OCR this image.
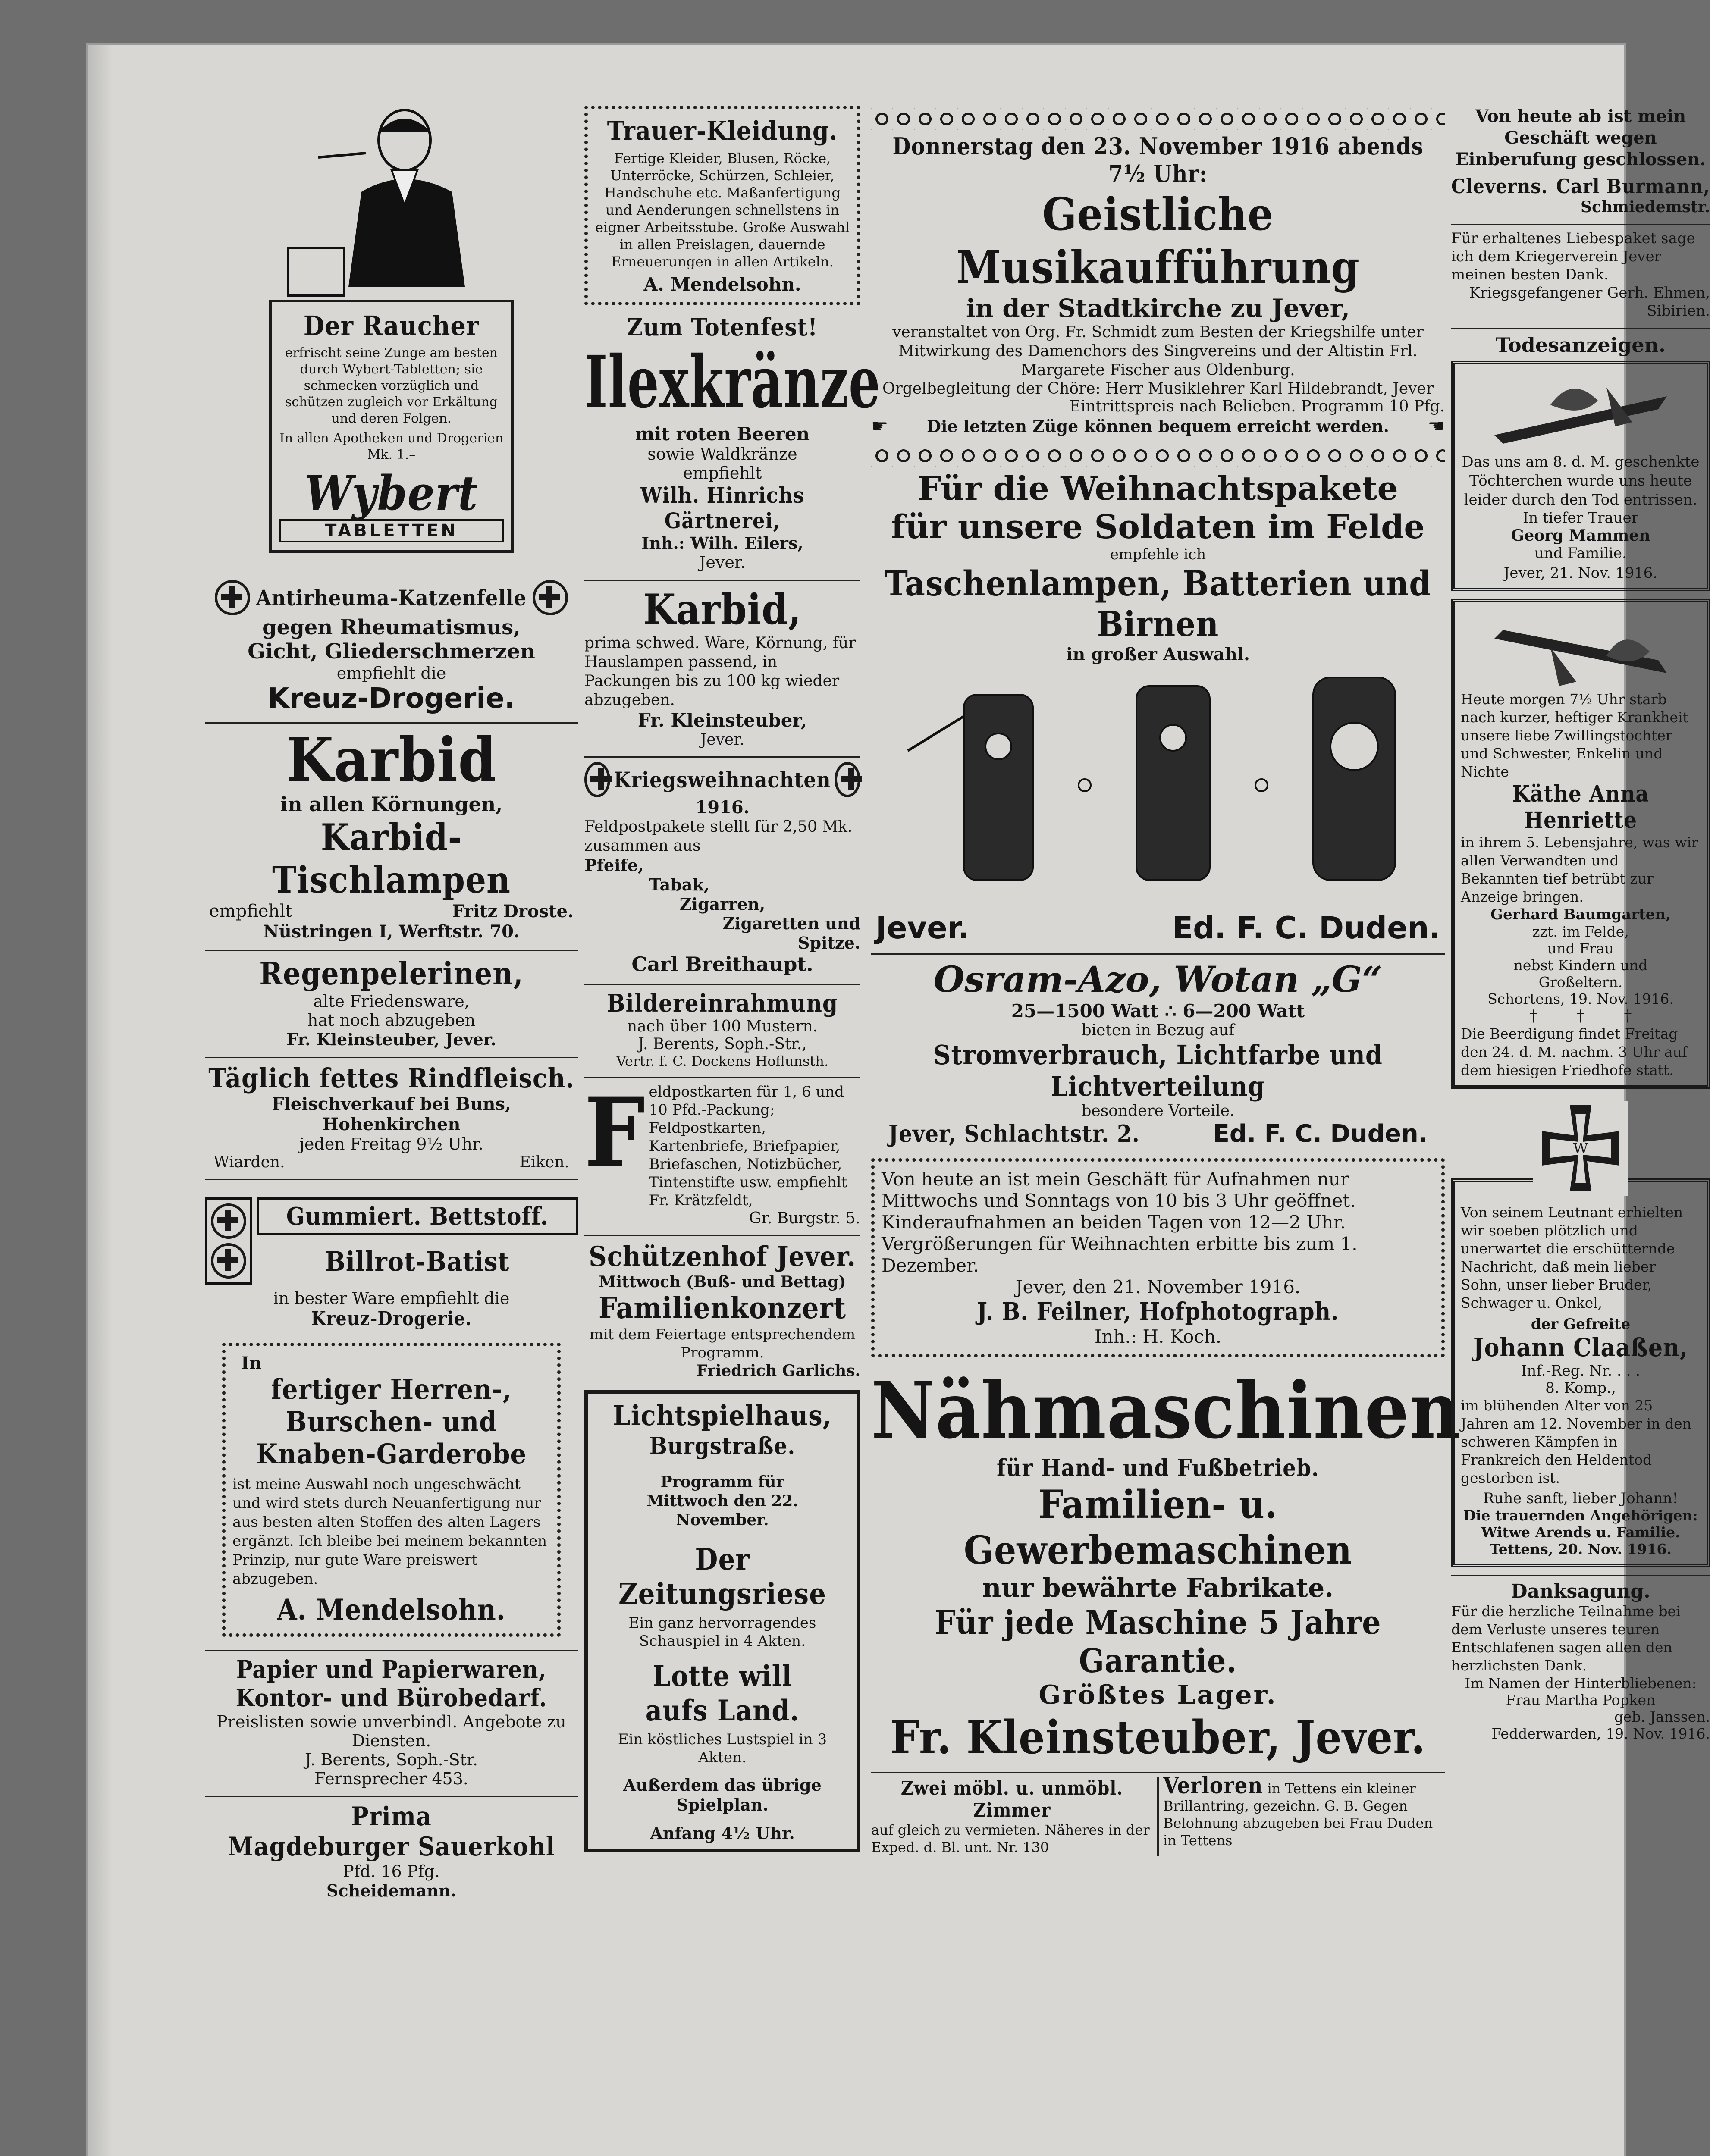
Der Raucher
erfrischt seine Zunge am besten durch Wybert-Tabletten; sie schmecken vorzüglich und schützen zugleich vor Erkältung und deren Folgen.
In allen Apotheken und Drogerien Mk. 1.–
Wybert
TABLETTEN
Antirheuma-Katzenfelle
gegen Rheumatismus,
Gicht, Gliederschmerzen
empfiehlt die
Kreuz-Drogerie.
Karbid
in allen Körnungen,
Karbid-Tischlampen
empfiehlt	Fritz Droste.
Nüstringen I, Werftstr. 70.
Regenpelerinen,
alte Friedensware,
hat noch abzugeben
Fr. Kleinsteuber, Jever.
Täglich fettes Rindfleisch.
Fleischverkauf bei Buns,
Hohenkirchen
jeden Freitag 9½ Uhr.
Wiarden.	Eiken.
Gummiert. Bettstoff.
Billrot-Batist
in bester Ware empfiehlt die
Kreuz-Drogerie.
In
fertiger Herren-,
Burschen- und
Knaben-Garderobe
ist meine Auswahl noch ungeschwächt und wird stets durch Neuanfertigung nur aus besten alten Stoffen des alten Lagers ergänzt. Ich bleibe bei meinem bekannten Prinzip, nur gute Ware preiswert abzugeben.
A. Mendelsohn.
Papier und Papierwaren,
Kontor- und Bürobedarf.
Preislisten sowie unverbindl. Angebote zu Diensten.
J. Berents, Soph.-Str.
Fernsprecher 453.
Prima
Magdeburger Sauerkohl
Pfd. 16 Pfg.
Scheidemann.
Trauer-Kleidung.
Fertige Kleider, Blusen, Röcke, Unterröcke, Schürzen, Schleier, Handschuhe etc. Maßanfertigung und Aenderungen schnellstens in eigner Arbeitsstube. Große Auswahl in allen Preislagen, dauernde Erneuerungen in allen Artikeln.
A. Mendelsohn.
Zum Totenfest!
Ilexkränze
mit roten Beeren
sowie Waldkränze
empfiehlt
Wilh. Hinrichs Gärtnerei,
Inh.: Wilh. Eilers,
Jever.
Karbid,
prima schwed. Ware, Körnung, für Hauslampen passend, in Packungen bis zu 100 kg wieder abzugeben.
Fr. Kleinsteuber,
Jever.
Kriegsweihnachten
1916.
Feldpostpakete stellt für 2,50 Mk. zusammen aus
Pfeife,
Tabak,
Zigarren,
Zigaretten und
Spitze.
Carl Breithaupt.
Bildereinrahmung
nach über 100 Mustern.
J. Berents, Soph.-Str.,
Vertr. f. C. Dockens Hoflunsth.
F eldpostkarten für 1, 6 und 10 Pfd.-Packung; Feldpostkarten, Kartenbriefe, Briefpapier, Briefaschen, Notizbücher, Tintenstifte usw. empfiehlt Fr. Krätzfeldt,
Gr. Burgstr. 5.
Schützenhof Jever.
Mittwoch (Buß- und Bettag)
Familienkonzert
mit dem Feiertage entsprechendem Programm.
Friedrich Garlichs.
Lichtspielhaus,
Burgstraße.
Programm für Mittwoch den 22. November.
Der
Zeitungsriese
Ein ganz hervorragendes Schauspiel in 4 Akten.
Lotte will aufs Land.
Ein köstliches Lustspiel in 3 Akten.
Außerdem das übrige Spielplan.
Anfang 4½ Uhr.
Donnerstag den 23. November 1916 abends 7½ Uhr:
Geistliche Musikaufführung
in der Stadtkirche zu Jever,
veranstaltet von Org. Fr. Schmidt zum Besten der Kriegshilfe unter Mitwirkung des Damenchors des Singvereins und der Altistin Frl. Margarete Fischer aus Oldenburg.
Orgelbegleitung der Chöre: Herr Musiklehrer Karl Hildebrandt, Jever
Eintrittspreis nach Belieben. Programm 10 Pfg.
☛ Die letzten Züge können bequem erreicht werden. ☚
Für die Weihnachtspakete
für unsere Soldaten im Felde
empfehle ich
Taschenlampen, Batterien und Birnen
in großer Auswahl.
Jever.	Ed. F. C. Duden.
Osram-Azo, Wotan „G“
25—1500 Watt ∴ 6—200 Watt
bieten in Bezug auf
Stromverbrauch, Lichtfarbe und Lichtverteilung
besondere Vorteile.
Jever, Schlachtstr. 2.	Ed. F. C. Duden.
Von heute an ist mein Geschäft für Aufnahmen nur Mittwochs und Sonntags von 10 bis 3 Uhr geöffnet. Kinderaufnahmen an beiden Tagen von 12—2 Uhr.
Vergrößerungen für Weihnachten erbitte bis zum 1. Dezember.
Jever, den 21. November 1916.
J. B. Feilner, Hofphotograph.
Inh.: H. Koch.
Nähmaschinen
für Hand- und Fußbetrieb.
Familien- u. Gewerbemaschinen
nur bewährte Fabrikate.
Für jede Maschine 5 Jahre Garantie.
Größtes Lager.
Fr. Kleinsteuber, Jever.
Zwei möbl. u. unmöbl. Zimmer
auf gleich zu vermieten. Näheres in der Exped. d. Bl. unt. Nr. 130
Verloren in Tettens ein kleiner Brillantring, gezeichn. G. B. Gegen Belohnung abzugeben bei Frau Duden in Tettens
Von heute ab ist mein Geschäft wegen Einberufung geschlossen.
Cleverns. Carl Burmann,
Schmiedemstr.
Für erhaltenes Liebespaket sage ich dem Kriegerverein Jever meinen besten Dank.
Kriegsgefangener Gerh. Ehmen, Sibirien.
Todesanzeigen.
Das uns am 8. d. M. geschenkte Töchterchen wurde uns heute leider durch den Tod entrissen.
In tiefer Trauer
Georg Mammen
und Familie.
Jever, 21. Nov. 1916.
Heute morgen 7½ Uhr starb nach kurzer, heftiger Krankheit unsere liebe Zwillingstochter und Schwester, Enkelin und Nichte
Käthe Anna Henriette
in ihrem 5. Lebensjahre, was wir allen Verwandten und Bekannten tief betrübt zur Anzeige bringen.
Gerhard Baumgarten,
zzt. im Felde,
und Frau
nebst Kindern und
Großeltern.
Schortens, 19. Nov. 1916.
†        †        †
Die Beerdigung findet Freitag den 24. d. M. nachm. 3 Uhr auf dem hiesigen Friedhofe statt.
W
Von seinem Leutnant erhielten wir soeben plötzlich und unerwartet die erschütternde Nachricht, daß mein lieber Sohn, unser lieber Bruder, Schwager u. Onkel,
der Gefreite
Johann Claaßen,
Inf.-Reg. Nr. . . .
8. Komp.,
im blühenden Alter von 25 Jahren am 12. November in den schweren Kämpfen in Frankreich den Heldentod gestorben ist.
Ruhe sanft, lieber Johann!
Die trauernden Angehörigen:
Witwe Arends u. Familie.
Tettens, 20. Nov. 1916.
Danksagung.
Für die herzliche Teilnahme bei dem Verluste unseres teuren Entschlafenen sagen allen den herzlichsten Dank.
Im Namen der Hinterbliebenen:
Frau Martha Popken
geb. Janssen.
Fedderwarden, 19. Nov. 1916.
